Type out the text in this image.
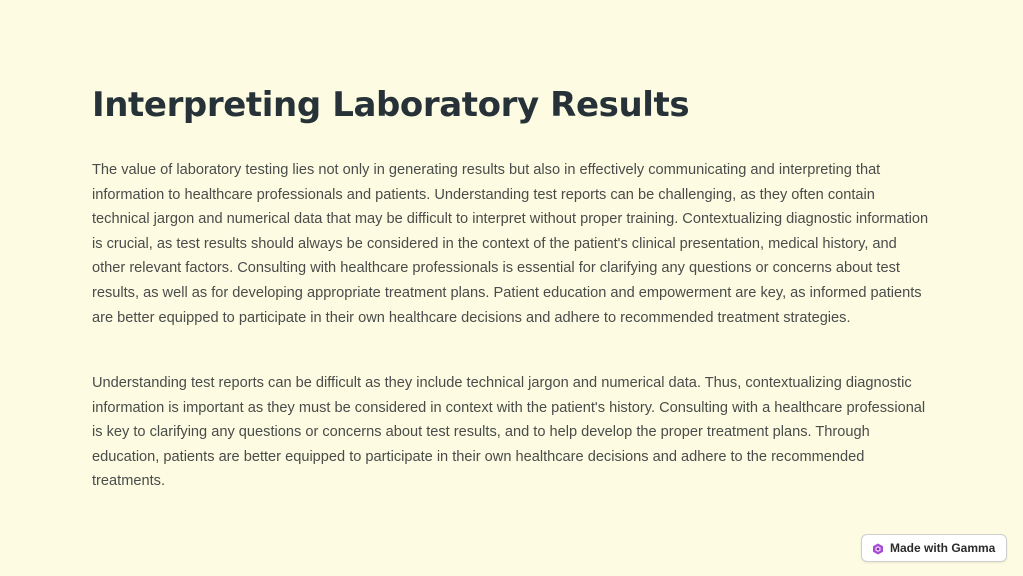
Interpreting Laboratory Results

The value of laboratory testing lies not only in generating results but also in effectively communicating and interpreting that information to healthcare professionals and patients. Understanding test reports can be challenging, as they often contain technical jargon and numerical data that may be difficult to interpret without proper training. Contextualizing diagnostic information is crucial, as test results should always be considered in the context of the patient's clinical presentation, medical history, and other relevant factors. Consulting with healthcare professionals is essential for clarifying any questions or concerns about test results, as well as for developing appropriate treatment plans. Patient education and empowerment are key, as informed patients are better equipped to participate in their own healthcare decisions and adhere to recommended treatment strategies.

Understanding test reports can be difficult as they include technical jargon and numerical data. Thus, contextualizing diagnostic information is important as they must be considered in context with the patient's history. Consulting with a healthcare professional is key to clarifying any questions or concerns about test results, and to help develop the proper treatment plans. Through education, patients are better equipped to participate in their own healthcare decisions and adhere to the recommended treatments.

Made with Gamma
